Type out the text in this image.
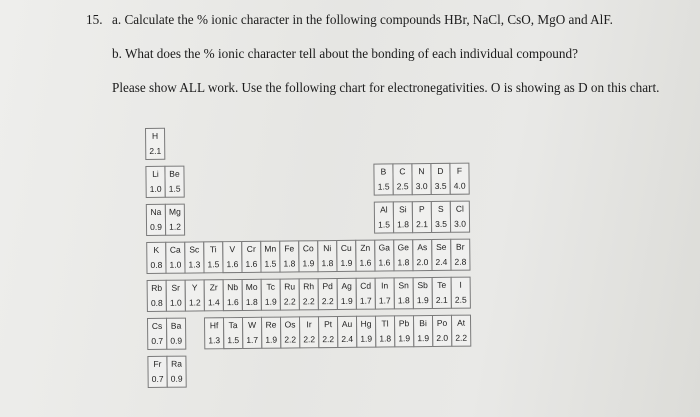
15. a. Calculate the % ionic character in the following compounds HBr, NaCl, CsO, MgO and AlF.
b. What does the % ionic character tell about the bonding of each individual compound?
Please show ALL work. Use the following chart for electronegativities. O is showing as D on this chart.
H
2.1
Li
1.0
Be
1.5
B
1.5
C
2.5
N
3.0
D
3.5
F
4.0
Na
0.9
Mg
1.2
Al
1.5
Si
1.8
P
2.1
S
3.5
Cl
3.0
K
0.8
Ca
1.0
Sc
1.3
Ti
1.5
V
1.6
Cr
1.6
Mn
1.5
Fe
1.8
Co
1.9
Ni
1.8
Cu
1.9
Zn
1.6
Ga
1.6
Ge
1.8
As
2.0
Se
2.4
Br
2.8
Rb
0.8
Sr
1.0
Y
1.2
Zr
1.4
Nb
1.6
Mo
1.8
Tc
1.9
Ru
2.2
Rh
2.2
Pd
2.2
Ag
1.9
Cd
1.7
In
1.7
Sn
1.8
Sb
1.9
Te
2.1
I
2.5
Cs
0.7
Ba
0.9
Hf
1.3
Ta
1.5
W
1.7
Re
1.9
Os
2.2
Ir
2.2
Pt
2.2
Au
2.4
Hg
1.9
Tl
1.8
Pb
1.9
Bi
1.9
Po
2.0
At
2.2
Fr
0.7
Ra
0.9
